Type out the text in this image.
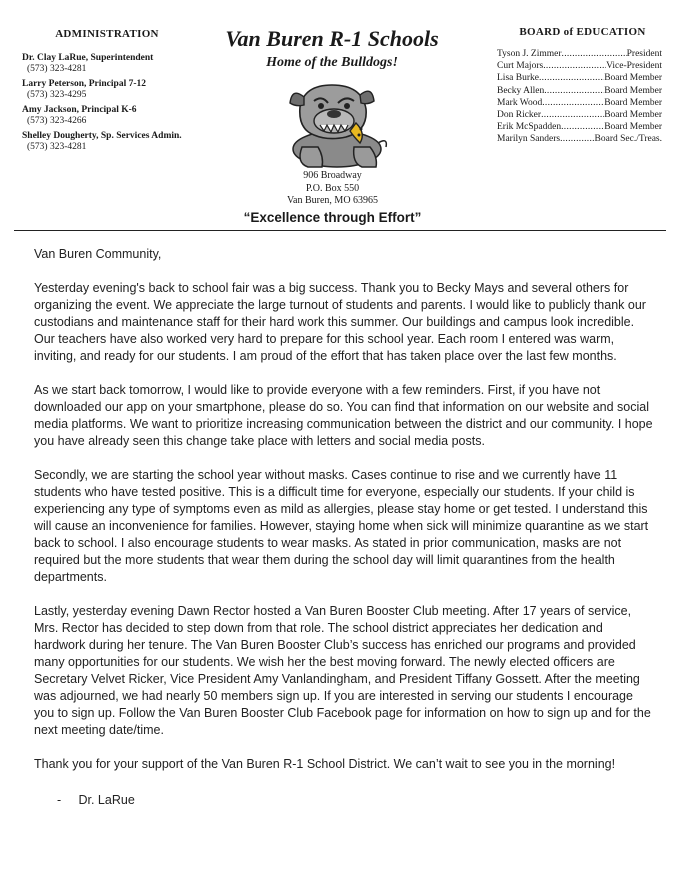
ADMINISTRATION
Dr. Clay LaRue, Superintendent
(573) 323-4281
Larry Peterson, Principal 7-12
(573) 323-4295
Amy Jackson, Principal K-6
(573) 323-4266
Shelley Dougherty, Sp. Services Admin.
(573) 323-4281
Van Buren R-1 Schools
Home of the Bulldogs!
906 Broadway
P.O. Box 550
Van Buren, MO 63965
“Excellence through Effort”
BOARD of EDUCATION
Tyson J. Zimmer .....	President
Curt Majors .....	Vice-President
Lisa Burke .....	Board Member
Becky Allen .....	Board Member
Mark Wood .....	Board Member
Don Ricker .....	Board Member
Erik McSpadden .....	Board Member
Marilyn Sanders .....	Board Sec./Treas.

Van Buren Community,

Yesterday evening's back to school fair was a big success. Thank you to Becky Mays and several others for organizing the event. We appreciate the large turnout of students and parents. I would like to publicly thank our custodians and maintenance staff for their hard work this summer. Our buildings and campus look incredible. Our teachers have also worked very hard to prepare for this school year. Each room I entered was warm, inviting, and ready for our students. I am proud of the effort that has taken place over the last few months.

As we start back tomorrow, I would like to provide everyone with a few reminders. First, if you have not downloaded our app on your smartphone, please do so. You can find that information on our website and social media platforms. We want to prioritize increasing communication between the district and our community. I hope you have already seen this change take place with letters and social media posts.

Secondly, we are starting the school year without masks. Cases continue to rise and we currently have 11 students who have tested positive. This is a difficult time for everyone, especially our students. If your child is experiencing any type of symptoms even as mild as allergies, please stay home or get tested. I understand this will cause an inconvenience for families. However, staying home when sick will minimize quarantine as we start back to school. I also encourage students to wear masks. As stated in prior communication, masks are not required but the more students that wear them during the school day will limit quarantines from the health departments.

Lastly, yesterday evening Dawn Rector hosted a Van Buren Booster Club meeting. After 17 years of service, Mrs. Rector has decided to step down from that role. The school district appreciates her dedication and hardwork during her tenure. The Van Buren Booster Club’s success has enriched our programs and provided many opportunities for our students. We wish her the best moving forward. The newly elected officers are Secretary Velvet Ricker, Vice President Amy Vanlandingham, and President Tiffany Gossett. After the meeting was adjourned, we had nearly 50 members sign up. If you are interested in serving our students I encourage you to sign up. Follow the Van Buren Booster Club Facebook page for information on how to sign up and for the next meeting date/time.

Thank you for your support of the Van Buren R-1 School District. We can’t wait to see you in the morning!

- Dr. LaRue
